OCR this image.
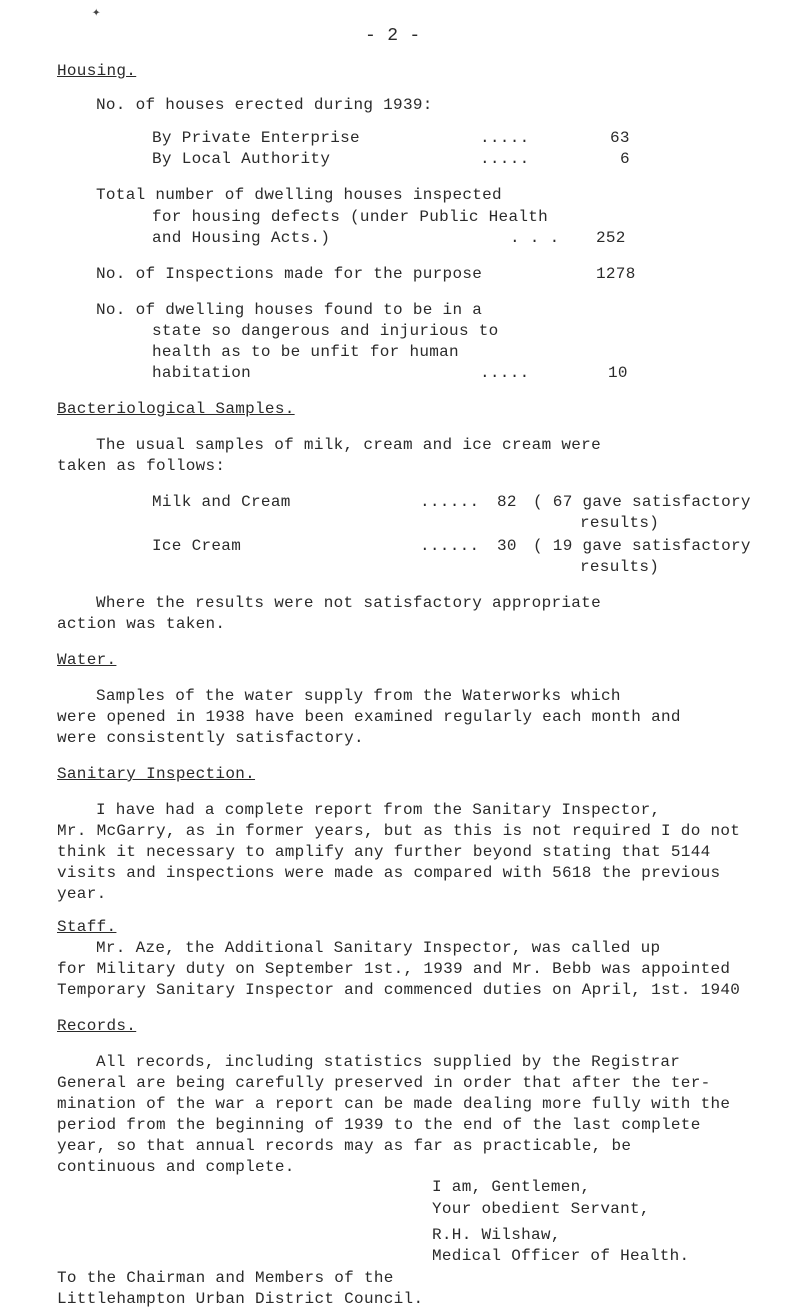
✦
- 2 -
Housing.
No. of houses erected during 1939:
By Private Enterprise	.....	63
By Local Authority	.....	6
Total number of dwelling houses inspected
for housing defects (under Public Health
and Housing Acts.)	. . . 252
No. of Inspections made for the purpose	1278
No. of dwelling houses found to be in a
state so dangerous and injurious to
health as to be unfit for human
habitation	.....	10
Bacteriological Samples.
The usual samples of milk, cream and ice cream were
taken as follows:
Milk and Cream	...... 82 ( 67 gave satisfactory
results)
Ice Cream	...... 30 ( 19 gave satisfactory
results)
Where the results were not satisfactory appropriate
action was taken.
Water.
Samples of the water supply from the Waterworks which
were opened in 1938 have been examined regularly each month and
were consistently satisfactory.
Sanitary Inspection.
I have had a complete report from the Sanitary Inspector,
Mr. McGarry, as in former years, but as this is not required I do not
think it necessary to amplify any further beyond stating that 5144
visits and inspections were made as compared with 5618 the previous
year.
Staff.
Mr. Aze, the Additional Sanitary Inspector, was called up
for Military duty on September 1st., 1939 and Mr. Bebb was appointed
Temporary Sanitary Inspector and commenced duties on April, 1st. 1940
Records.
All records, including statistics supplied by the Registrar
General are being carefully preserved in order that after the ter-
mination of the war a report can be made dealing more fully with the
period from the beginning of 1939 to the end of the last complete
year, so that annual records may as far as practicable, be
continuous and complete.
I am, Gentlemen,
Your obedient Servant,
R.H. Wilshaw,
Medical Officer of Health.
To the Chairman and Members of the
Littlehampton Urban District Council.
